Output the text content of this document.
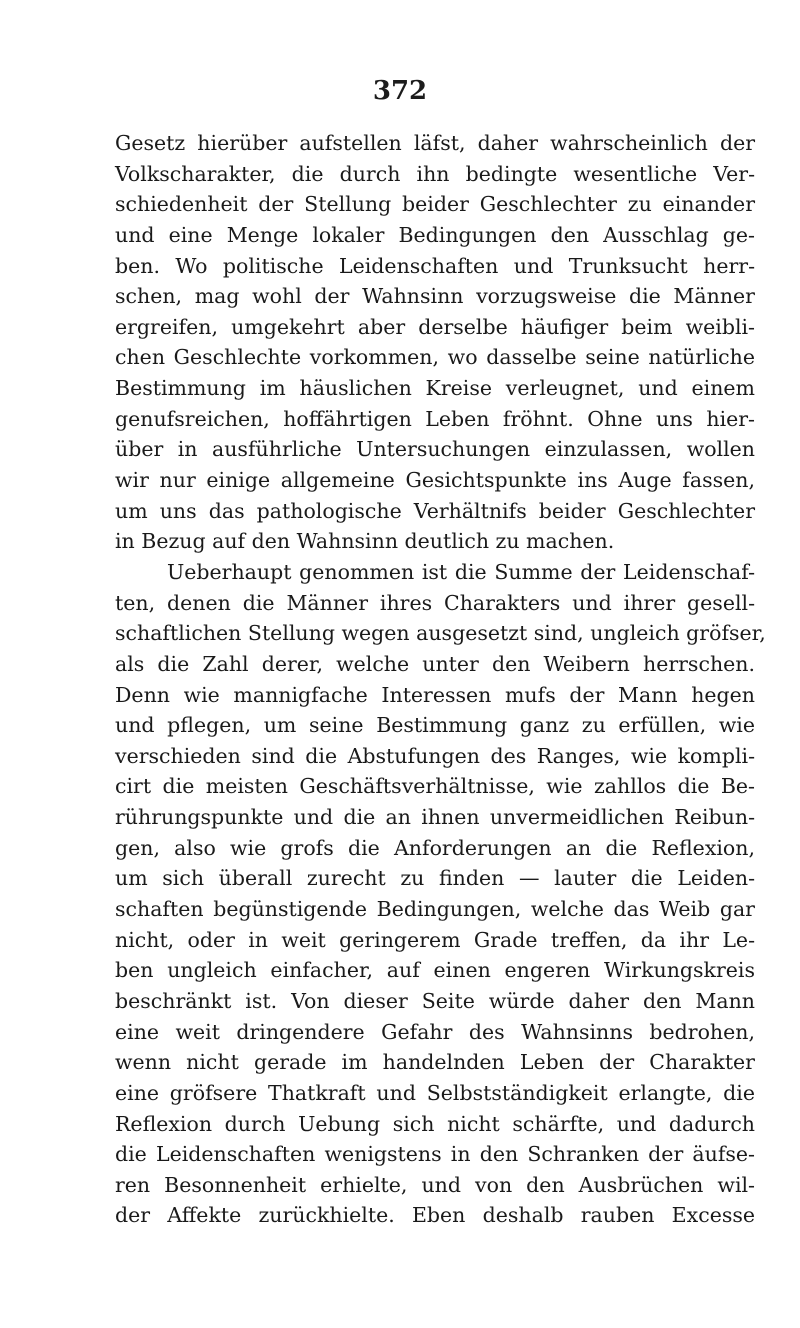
372
Gesetz hierüber aufstellen läfst, daher wahrscheinlich der
Volkscharakter, die durch ihn bedingte wesentliche Ver-
schiedenheit der Stellung beider Geschlechter zu einander
und eine Menge lokaler Bedingungen den Ausschlag ge-
ben. Wo politische Leidenschaften und Trunksucht herr-
schen, mag wohl der Wahnsinn vorzugsweise die Männer
ergreifen, umgekehrt aber derselbe häufiger beim weibli-
chen Geschlechte vorkommen, wo dasselbe seine natürliche
Bestimmung im häuslichen Kreise verleugnet, und einem
genufsreichen, hoffährtigen Leben fröhnt. Ohne uns hier-
über in ausführliche Untersuchungen einzulassen, wollen
wir nur einige allgemeine Gesichtspunkte ins Auge fassen,
um uns das pathologische Verhältnifs beider Geschlechter
in Bezug auf den Wahnsinn deutlich zu machen.
Ueberhaupt genommen ist die Summe der Leidenschaf-
ten, denen die Männer ihres Charakters und ihrer gesell-
schaftlichen Stellung wegen ausgesetzt sind, ungleich gröfser,
als die Zahl derer, welche unter den Weibern herrschen.
Denn wie mannigfache Interessen mufs der Mann hegen
und pflegen, um seine Bestimmung ganz zu erfüllen, wie
verschieden sind die Abstufungen des Ranges, wie kompli-
cirt die meisten Geschäftsverhältnisse, wie zahllos die Be-
rührungspunkte und die an ihnen unvermeidlichen Reibun-
gen, also wie grofs die Anforderungen an die Reflexion,
um sich überall zurecht zu finden — lauter die Leiden-
schaften begünstigende Bedingungen, welche das Weib gar
nicht, oder in weit geringerem Grade treffen, da ihr Le-
ben ungleich einfacher, auf einen engeren Wirkungskreis
beschränkt ist. Von dieser Seite würde daher den Mann
eine weit dringendere Gefahr des Wahnsinns bedrohen,
wenn nicht gerade im handelnden Leben der Charakter
eine gröfsere Thatkraft und Selbstständigkeit erlangte, die
Reflexion durch Uebung sich nicht schärfte, und dadurch
die Leidenschaften wenigstens in den Schranken der äufse-
ren Besonnenheit erhielte, und von den Ausbrüchen wil-
der Affekte zurückhielte. Eben deshalb rauben Excesse
